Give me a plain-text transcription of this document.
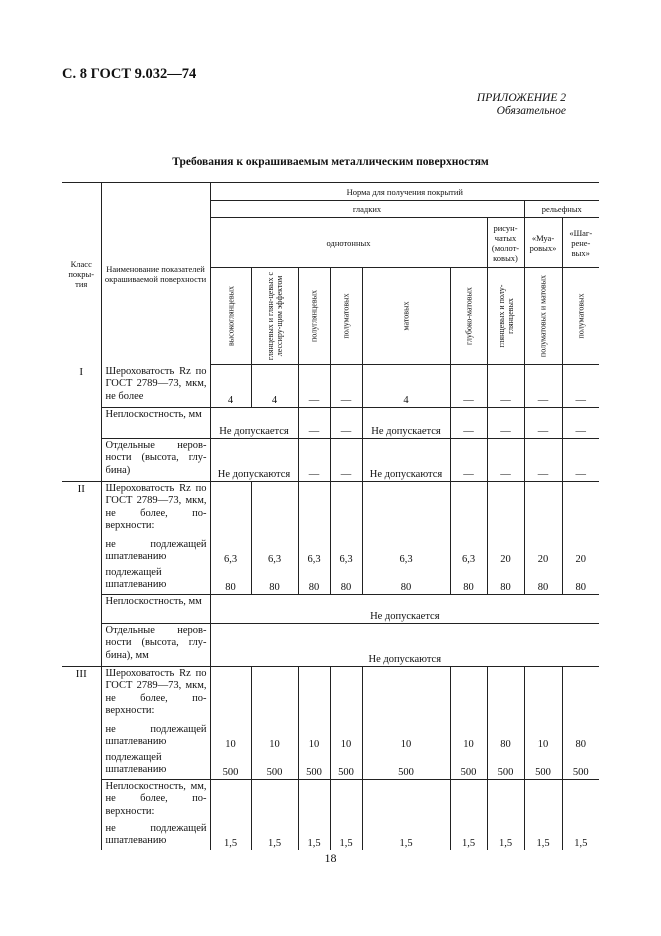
С. 8 ГОСТ 9.032—74
ПРИЛОЖЕНИЕ 2
Обязательное
Требования к окрашиваемым металлическим поверхностям
Класс покры-тия	Наименование показателей окрашиваемой поверхности	Норма для получения покрытий								
		гладких							рельефных	
		однотонных						рисун-чатых (молот-ковых)	«Муа-ровых»	«Шаг-рене-вых»

		высокоглянцевых	глянцевых и глян-цевых с лессиру-щим эффектом	полуглянцевых	полуматовых	матовых	глубоко-матовых	глянцевых и полу-глянцевых	полуматовых и матовых	полуматовых

I	Шероховатость Rz по ГОСТ 2789—73, мкм, не более	4	4	—	—	4	—	—	—	—
	Неплоскостность, мм	Не допускается		—	—	Не допускается	—	—	—	—
	Отдельные неров-ности (высота, глу-бина)	Не допускаются		—	—	Не допускаются	—	—	—	—
II	Шероховатость Rz по ГОСТ 2789—73, мкм, не более, по-верхности:									
	не подлежащей шпатлеванию	6,3	6,3	6,3	6,3	6,3	6,3	20	20	20
	подлежащей шпатлеванию	80	80	80	80	80	80	80	80	80
	Неплоскостность, мм	Не допускается								
	Отдельные неров-ности (высота, глу-бина), мм	Не допускаются								
III	Шероховатость Rz по ГОСТ 2789—73, мкм, не более, по-верхности:									
	не подлежащей шпатлеванию	10	10	10	10	10	10	80	10	80
	подлежащей шпатлеванию	500	500	500	500	500	500	500	500	500
	Неплоскостность, мм, не более, по-верхности:									
	не подлежащей шпатлеванию	1,5	1,5	1,5	1,5	1,5	1,5	1,5	1,5	1,5
18
